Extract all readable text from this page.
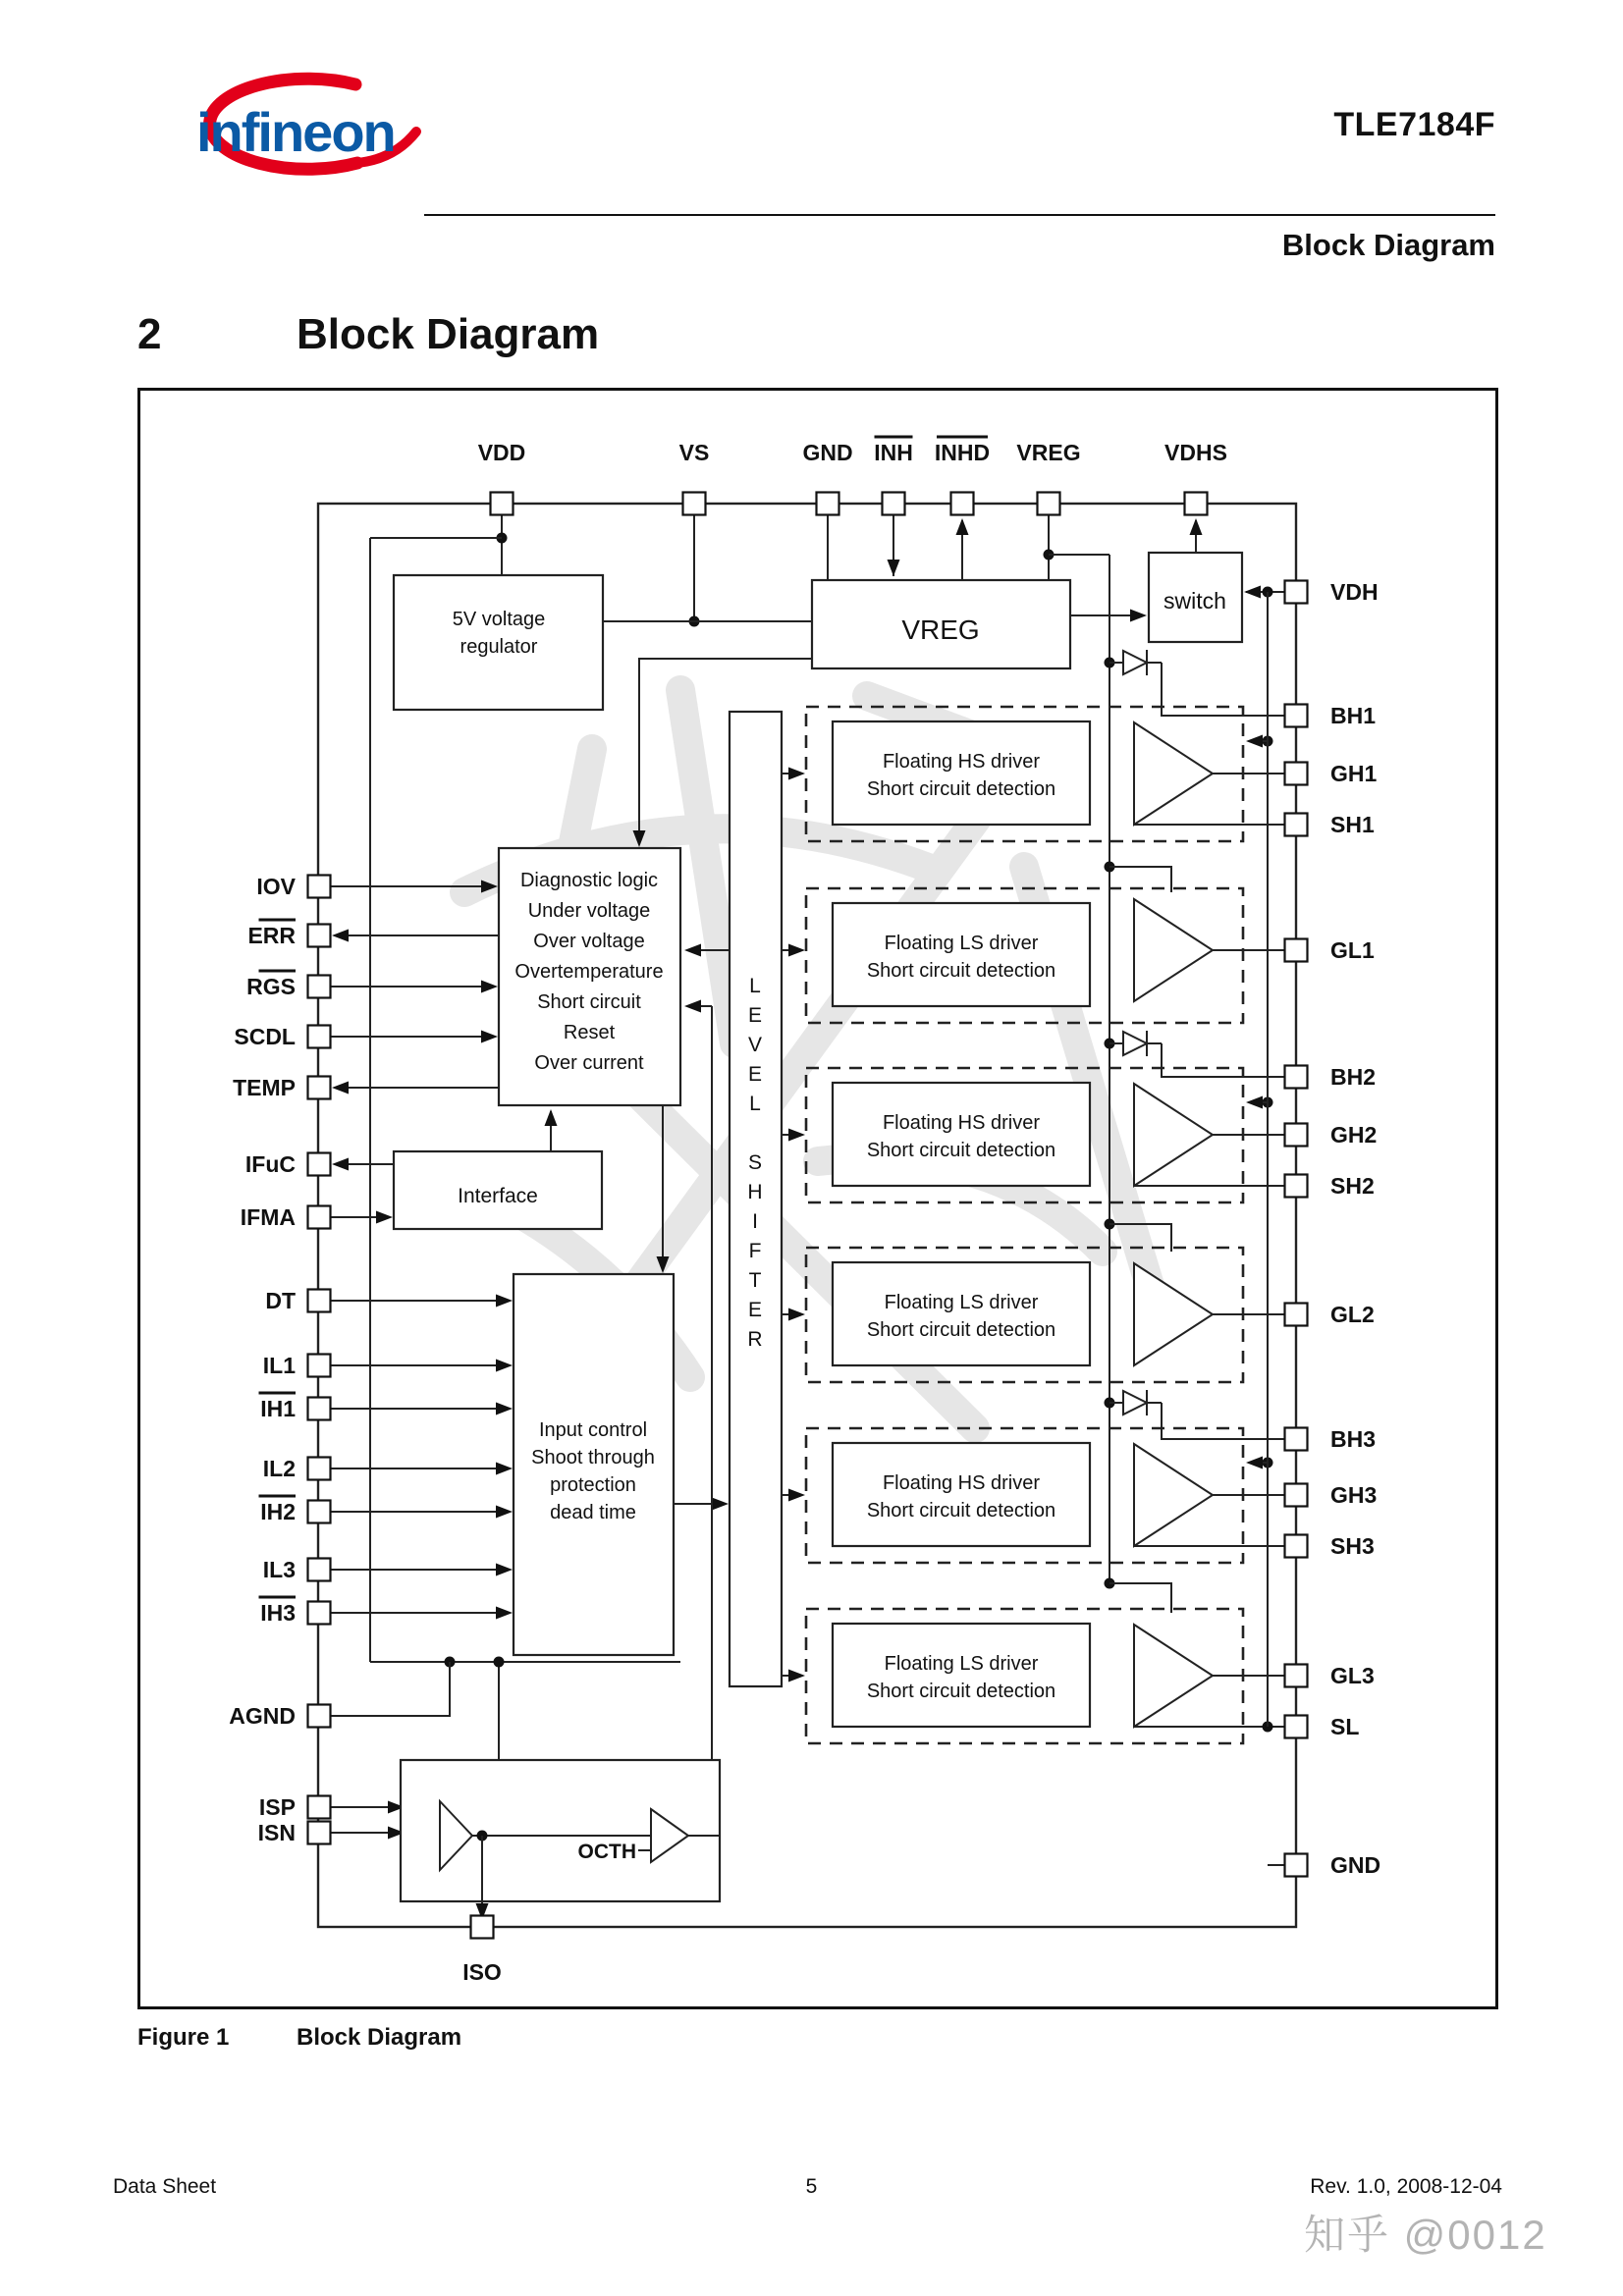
infineon	TLE7184F
Block Diagram
2	Block Diagram
5V voltage
regulator
VREG
switch
Diagnostic logic
Under voltage
Over voltage
Overtemperature
Short circuit
Reset
Over current
Interface
Input control
Shoot through
protection
dead time
L
E
V
E
L
S
H
I
F
T
E
R
Floating HS driver
Short circuit detection
Floating LS driver
Short circuit detection
Floating HS driver
Short circuit detection
Floating LS driver
Short circuit detection
Floating HS driver
Short circuit detection
Floating LS driver
Short circuit detection
OCTH
VDD	VS	GND INH INHD VREG	VDHS
IOV
ERR
RGS
SCDL
TEMP
IFuC
IFMA
DT
IL1
IH1
IL2
IH2
IL3
IH3
AGND
ISP
ISN
VDH
BH1
GH1
SH1
GL1
BH2
GH2
SH2
GL2
BH3
GH3
SH3
GL3
SL
GND
ISO
Figure 1	Block Diagram
Data Sheet	5	Rev. 1.0, 2008-12-04
知乎 @0012
